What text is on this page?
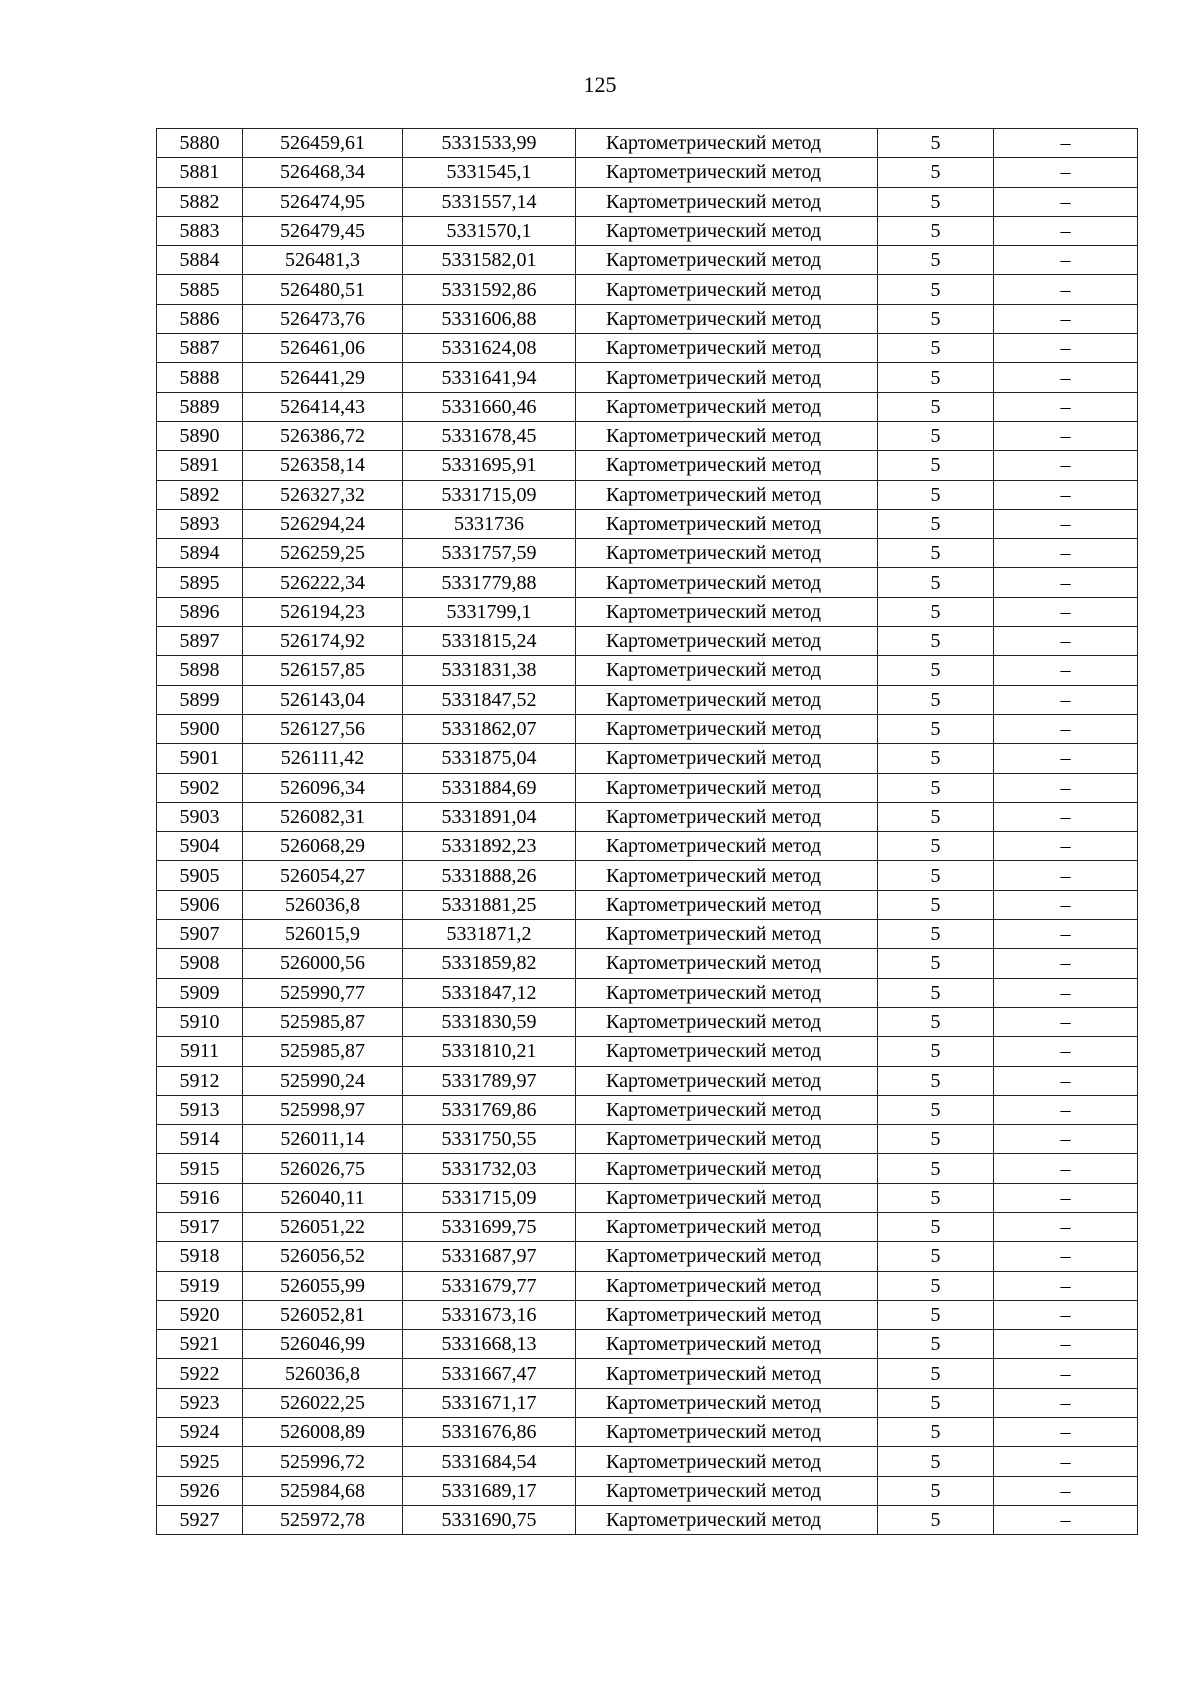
125
5880	526459,61	5331533,99	Картометрический метод	5	–
5881	526468,34	5331545,1	Картометрический метод	5	–
5882	526474,95	5331557,14	Картометрический метод	5	–
5883	526479,45	5331570,1	Картометрический метод	5	–
5884	526481,3	5331582,01	Картометрический метод	5	–
5885	526480,51	5331592,86	Картометрический метод	5	–
5886	526473,76	5331606,88	Картометрический метод	5	–
5887	526461,06	5331624,08	Картометрический метод	5	–
5888	526441,29	5331641,94	Картометрический метод	5	–
5889	526414,43	5331660,46	Картометрический метод	5	–
5890	526386,72	5331678,45	Картометрический метод	5	–
5891	526358,14	5331695,91	Картометрический метод	5	–
5892	526327,32	5331715,09	Картометрический метод	5	–
5893	526294,24	5331736	Картометрический метод	5	–
5894	526259,25	5331757,59	Картометрический метод	5	–
5895	526222,34	5331779,88	Картометрический метод	5	–
5896	526194,23	5331799,1	Картометрический метод	5	–
5897	526174,92	5331815,24	Картометрический метод	5	–
5898	526157,85	5331831,38	Картометрический метод	5	–
5899	526143,04	5331847,52	Картометрический метод	5	–
5900	526127,56	5331862,07	Картометрический метод	5	–
5901	526111,42	5331875,04	Картометрический метод	5	–
5902	526096,34	5331884,69	Картометрический метод	5	–
5903	526082,31	5331891,04	Картометрический метод	5	–
5904	526068,29	5331892,23	Картометрический метод	5	–
5905	526054,27	5331888,26	Картометрический метод	5	–
5906	526036,8	5331881,25	Картометрический метод	5	–
5907	526015,9	5331871,2	Картометрический метод	5	–
5908	526000,56	5331859,82	Картометрический метод	5	–
5909	525990,77	5331847,12	Картометрический метод	5	–
5910	525985,87	5331830,59	Картометрический метод	5	–
5911	525985,87	5331810,21	Картометрический метод	5	–
5912	525990,24	5331789,97	Картометрический метод	5	–
5913	525998,97	5331769,86	Картометрический метод	5	–
5914	526011,14	5331750,55	Картометрический метод	5	–
5915	526026,75	5331732,03	Картометрический метод	5	–
5916	526040,11	5331715,09	Картометрический метод	5	–
5917	526051,22	5331699,75	Картометрический метод	5	–
5918	526056,52	5331687,97	Картометрический метод	5	–
5919	526055,99	5331679,77	Картометрический метод	5	–
5920	526052,81	5331673,16	Картометрический метод	5	–
5921	526046,99	5331668,13	Картометрический метод	5	–
5922	526036,8	5331667,47	Картометрический метод	5	–
5923	526022,25	5331671,17	Картометрический метод	5	–
5924	526008,89	5331676,86	Картометрический метод	5	–
5925	525996,72	5331684,54	Картометрический метод	5	–
5926	525984,68	5331689,17	Картометрический метод	5	–
5927	525972,78	5331690,75	Картометрический метод	5	–
